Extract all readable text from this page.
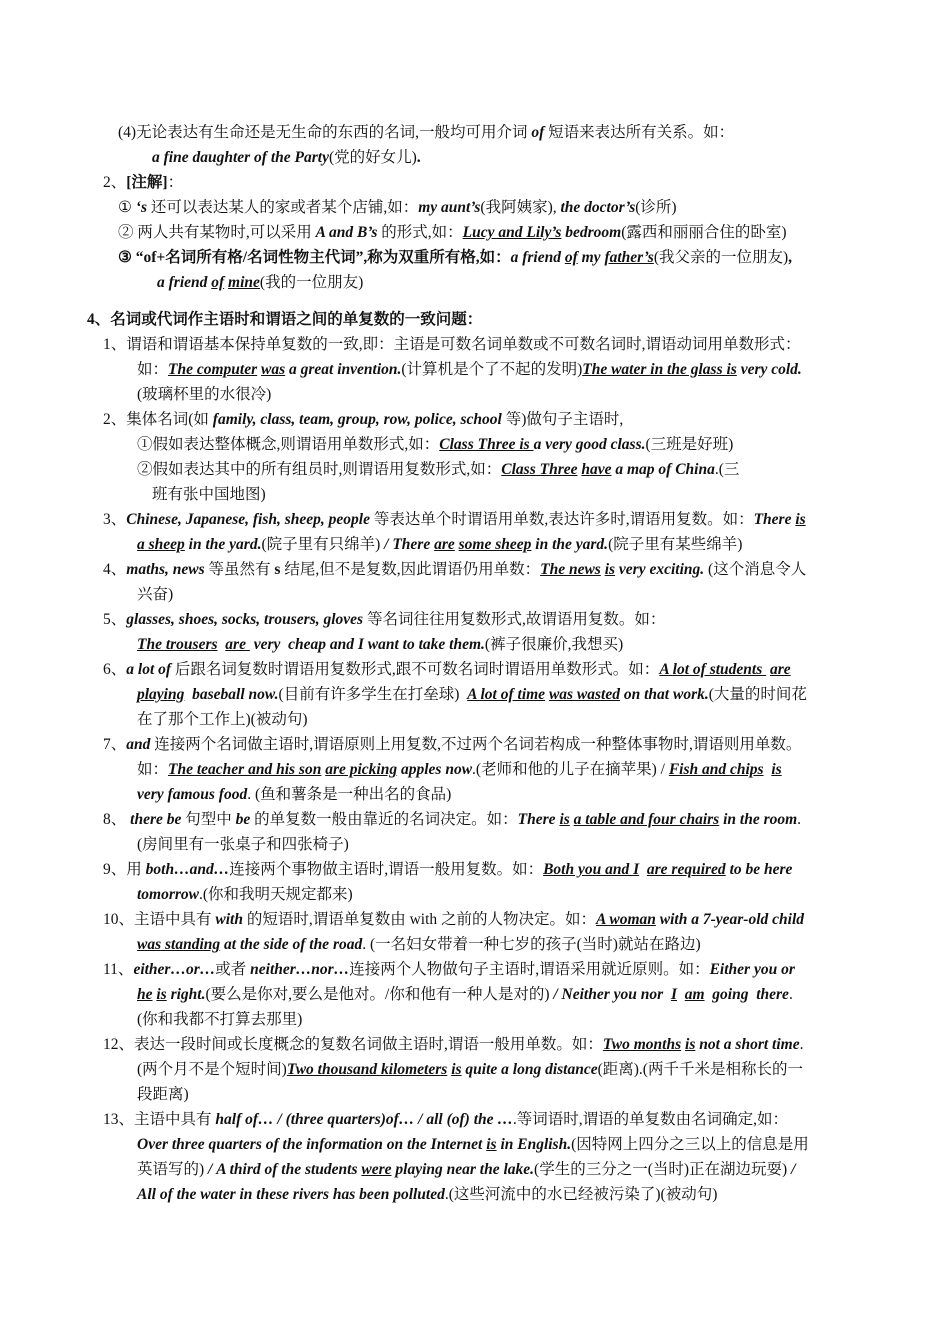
(4)无论表达有生命还是无生命的东西的名词,一般均可用介词 of 短语来表达所有关系。如：
a fine daughter of the Party(党的好女儿).
2、[注解]：
① ‘s 还可以表达某人的家或者某个店铺,如：my aunt’s(我阿姨家), the doctor’s(诊所)
② 两人共有某物时,可以采用 A and B’s 的形式,如：Lucy and Lily’s bedroom(露西和丽丽合住的卧室)
③ “of+名词所有格/名词性物主代词”,称为双重所有格,如：a friend of my father’s(我父亲的一位朋友),
a friend of mine(我的一位朋友)
4、名词或代词作主语时和谓语之间的单复数的一致问题：
1、谓语和谓语基本保持单复数的一致,即：主语是可数名词单数或不可数名词时,谓语动词用单数形式：
如：The computer was a great invention.(计算机是个了不起的发明)The water in the glass is very cold.
(玻璃杯里的水很冷)
2、集体名词(如 family, class, team, group, row, police, school 等)做句子主语时,
①假如表达整体概念,则谓语用单数形式,如：Class Three is a very good class.(三班是好班)
②假如表达其中的所有组员时,则谓语用复数形式,如：Class Three have a map of China.(三
班有张中国地图)
3、Chinese, Japanese, fish, sheep, people 等表达单个时谓语用单数,表达许多时,谓语用复数。如：There is
a sheep in the yard.(院子里有只绵羊) / There are some sheep in the yard.(院子里有某些绵羊)
4、maths, news 等虽然有 s 结尾,但不是复数,因此谓语仍用单数：The news is very exciting. (这个消息令人
兴奋)
5、glasses, shoes, socks, trousers, gloves 等名词往往用复数形式,故谓语用复数。如：
The trousers are  very  cheap and I want to take them.(裤子很廉价,我想买)
6、a lot of 后跟名词复数时谓语用复数形式,跟不可数名词时谓语用单数形式。如：A lot of students  are
playing  baseball now.(目前有许多学生在打垒球)  A lot of time was wasted on that work.(大量的时间花
在了那个工作上)(被动句)
7、and 连接两个名词做主语时,谓语原则上用复数,不过两个名词若构成一种整体事物时,谓语则用单数。
如：The teacher and his son are picking apples now.(老师和他的儿子在摘苹果) / Fish and chips is
very famous food. (鱼和薯条是一种出名的食品)
8、 there be 句型中 be 的单复数一般由靠近的名词决定。如：There is a table and four chairs in the room.
(房间里有一张桌子和四张椅子)
9、用 both…and…连接两个事物做主语时,谓语一般用复数。如：Both you and I are required to be here
tomorrow.(你和我明天规定都来)
10、主语中具有 with 的短语时,谓语单复数由 with 之前的人物决定。如：A woman with a 7-year-old child
was standing at the side of the road. (一名妇女带着一种七岁的孩子(当时)就站在路边)
11、either…or…或者 neither…nor…连接两个人物做句子主语时,谓语采用就近原则。如：Either you or
he is right.(要么是你对,要么是他对。/你和他有一种人是对的) / Neither you nor  I am  going  there.
(你和我都不打算去那里)
12、表达一段时间或长度概念的复数名词做主语时,谓语一般用单数。如：Two months is not a short time.
(两个月不是个短时间)Two thousand kilometers is quite a long distance(距离).(两千千米是相称长的一
段距离)
13、主语中具有 half of… / (three quarters)of… / all (of) the ….等词语时,谓语的单复数由名词确定,如：
Over three quarters of the information on the Internet is in English.(因特网上四分之三以上的信息是用
英语写的) / A third of the students were playing near the lake.(学生的三分之一(当时)正在湖边玩耍) /
All of the water in these rivers has been polluted.(这些河流中的水已经被污染了)(被动句)
